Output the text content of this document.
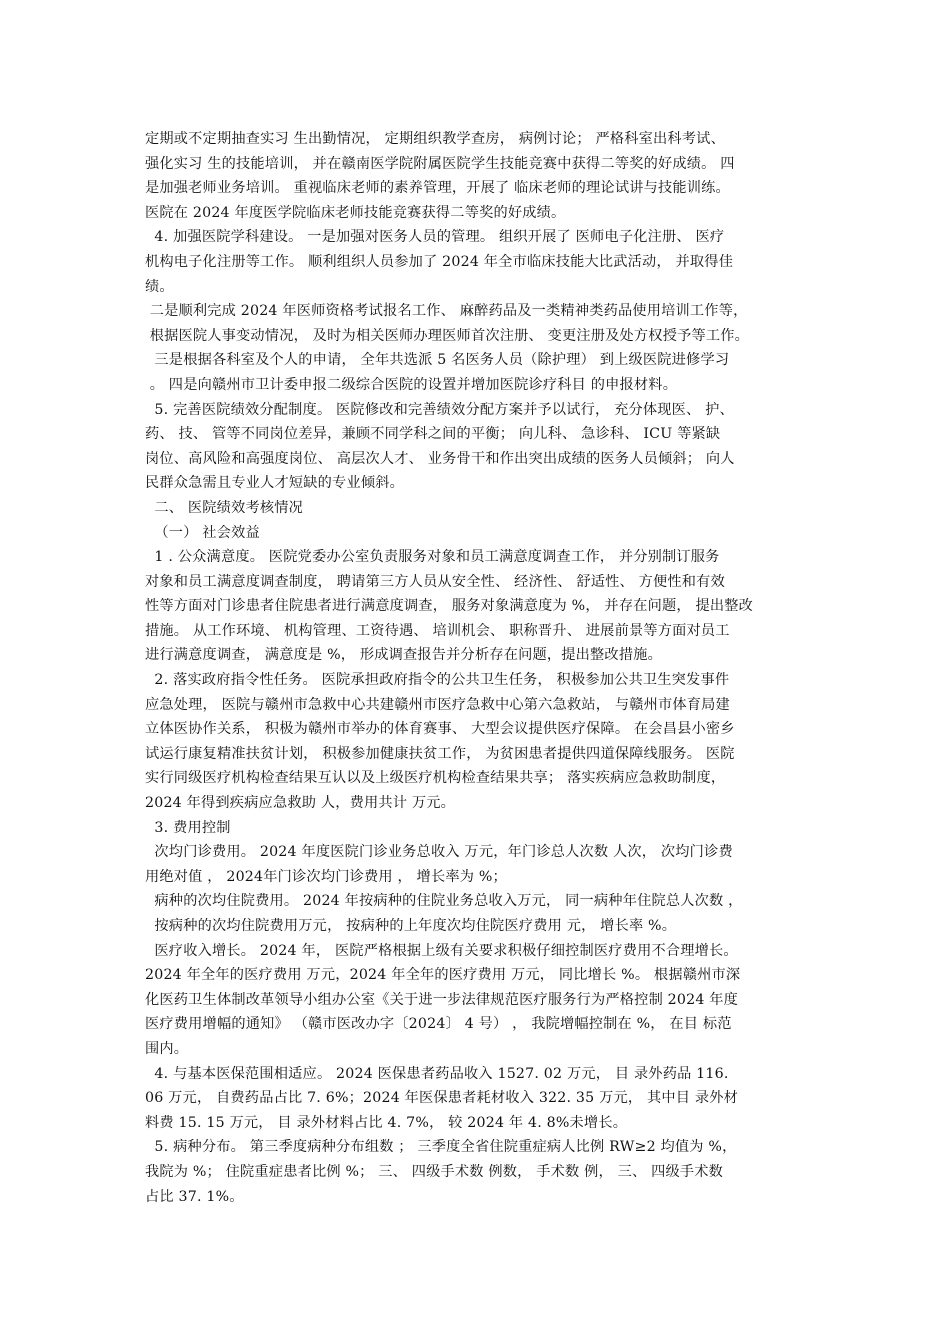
定期或不定期抽查实习 生出勤情况， 定期组织教学查房， 病例讨论； 严格科室出科考试、
强化实习 生的技能培训， 并在赣南医学院附属医院学生技能竞赛中获得二等奖的好成绩。 四
是加强老师业务培训。 重视临床老师的素养管理，开展了 临床老师的理论试讲与技能训练。
医院在 2024 年度医学院临床老师技能竞赛获得二等奖的好成绩。
4. 加强医院学科建设。 一是加强对医务人员的管理。 组织开展了 医师电子化注册、 医疗
机构电子化注册等工作。 顺利组织人员参加了 2024 年全市临床技能大比武活动， 并取得佳
绩。
二是顺利完成 2024 年医师资格考试报名工作、 麻醉药品及一类精神类药品使用培训工作等，
根据医院人事变动情况， 及时为相关医师办理医师首次注册、 变更注册及处方权授予等工作。
三是根据各科室及个人的申请， 全年共选派 5 名医务人员（除护理） 到上级医院进修学习
。 四是向赣州市卫计委申报二级综合医院的设置并增加医院诊疗科目 的申报材料。
5. 完善医院绩效分配制度。 医院修改和完善绩效分配方案并予以试行， 充分体现医、 护、
药、 技、 管等不同岗位差异，兼顾不同学科之间的平衡； 向儿科、 急诊科、 ICU 等紧缺
岗位、高风险和高强度岗位、 高层次人才、 业务骨干和作出突出成绩的医务人员倾斜； 向人
民群众急需且专业人才短缺的专业倾斜。
二、 医院绩效考核情况
（一） 社会效益
1 . 公众满意度。 医院党委办公室负责服务对象和员工满意度调查工作， 并分别制订服务
对象和员工满意度调查制度， 聘请第三方人员从安全性、 经济性、 舒适性、 方便性和有效
性等方面对门诊患者住院患者进行满意度调查， 服务对象满意度为 %， 并存在问题， 提出整改
措施。 从工作环境、 机构管理、工资待遇、 培训机会、 职称晋升、 进展前景等方面对员工
进行满意度调查， 满意度是 %， 形成调查报告并分析存在问题，提出整改措施。
2. 落实政府指令性任务。 医院承担政府指令的公共卫生任务， 积极参加公共卫生突发事件
应急处理， 医院与赣州市急救中心共建赣州市医疗急救中心第六急救站， 与赣州市体育局建
立体医协作关系， 积极为赣州市举办的体育赛事、 大型会议提供医疗保障。 在会昌县小密乡
试运行康复精准扶贫计划， 积极参加健康扶贫工作， 为贫困患者提供四道保障线服务。 医院
实行同级医疗机构检查结果互认以及上级医疗机构检查结果共享； 落实疾病应急救助制度，
2024 年得到疾病应急救助 人，费用共计 万元。
3. 费用控制
次均门诊费用。 2024 年度医院门诊业务总收入 万元，年门诊总人次数 人次， 次均门诊费
用绝对值 ， 2024年门诊次均门诊费用 ， 增长率为 %；
病种的次均住院费用。 2024 年按病种的住院业务总收入万元， 同一病种年住院总人次数 ，
按病种的次均住院费用万元， 按病种的上年度次均住院医疗费用 元， 增长率 %。
医疗收入增长。 2024 年， 医院严格根据上级有关要求积极仔细控制医疗费用不合理增长。
2024 年全年的医疗费用 万元，2024 年全年的医疗费用 万元， 同比增长 %。 根据赣州市深
化医药卫生体制改革领导小组办公室《关于进一步法律规范医疗服务行为严格控制 2024 年度
医疗费用增幅的通知》 （赣市医改办字〔2024〕 4 号） ， 我院增幅控制在 %， 在目 标范
围内。
4. 与基本医保范围相适应。 2024 医保患者药品收入 1527. 02 万元， 目 录外药品 116.
06 万元， 自费药品占比 7. 6%；2024 年医保患者耗材收入 322. 35 万元， 其中目 录外材
料费 15. 15 万元， 目 录外材料占比 4. 7%， 较 2024 年 4. 8%未增长。
5. 病种分布。 第三季度病种分布组数 ； 三季度全省住院重症病人比例 RW≥2 均值为 %，
我院为 %； 住院重症患者比例 %； 三、 四级手术数 例数， 手术数 例， 三、 四级手术数
占比 37. 1%。
